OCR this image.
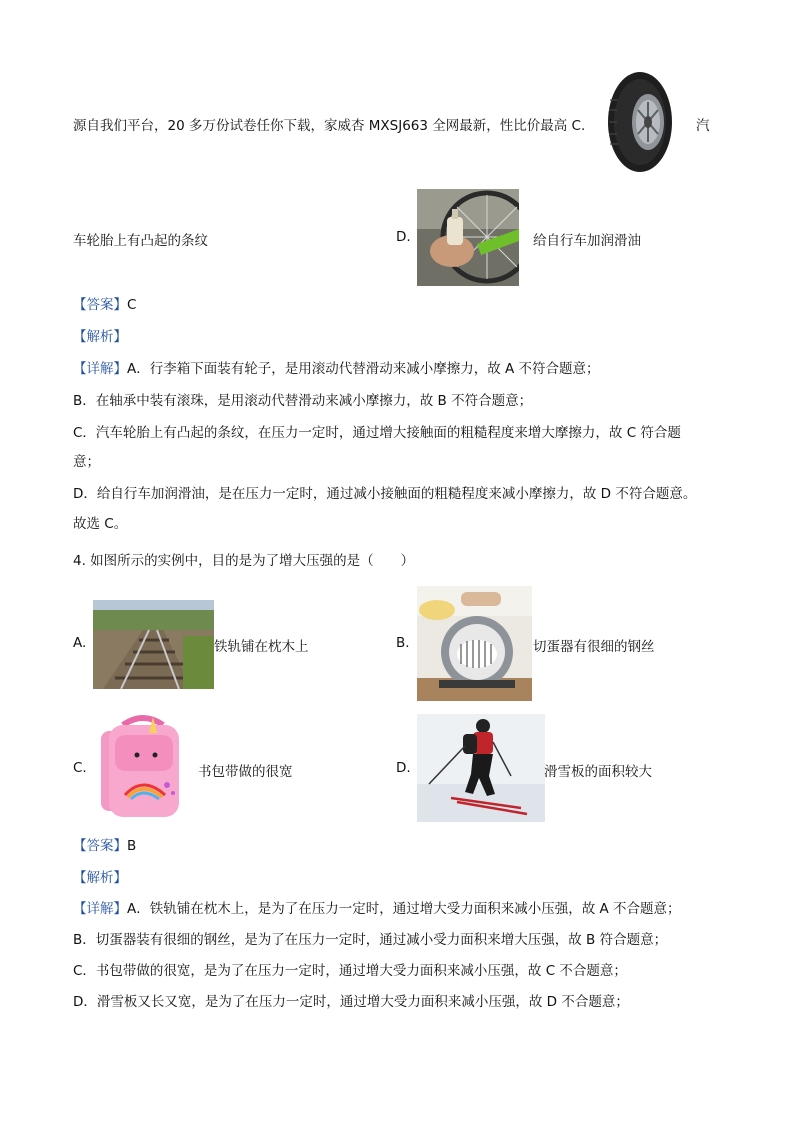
源自我们平台，20 多万份试卷任你下载，家威杏 MXSJ663 全网最新，性比价最高 C.	汽
车轮胎上有凸起的条纹	D.	给自行车加润滑油
【答案】C
【解析】
【详解】A．行李箱下面装有轮子，是用滚动代替滑动来减小摩擦力，故 A 不符合题意；
B．在轴承中装有滚珠，是用滚动代替滑动来减小摩擦力，故 B 不符合题意；
C．汽车轮胎上有凸起的条纹，在压力一定时，通过增大接触面的粗糙程度来增大摩擦力，故 C 符合题
意；
D．给自行车加润滑油，是在压力一定时，通过减小接触面的粗糙程度来减小摩擦力，故 D 不符合题意。
故选 C。
4. 如图所示的实例中，目的是为了增大压强的是（　　）
A.	铁轨铺在枕木上	B.	切蛋器有很细的钢丝
C.	书包带做的很宽	D.	滑雪板的面积较大
【答案】B
【解析】
【详解】A．铁轨铺在枕木上，是为了在压力一定时，通过增大受力面积来减小压强，故 A 不合题意；
B．切蛋器装有很细的钢丝，是为了在压力一定时，通过减小受力面积来增大压强，故 B 符合题意；
C．书包带做的很宽，是为了在压力一定时，通过增大受力面积来减小压强，故 C 不合题意；
D．滑雪板又长又宽，是为了在压力一定时，通过增大受力面积来减小压强，故 D 不合题意；
